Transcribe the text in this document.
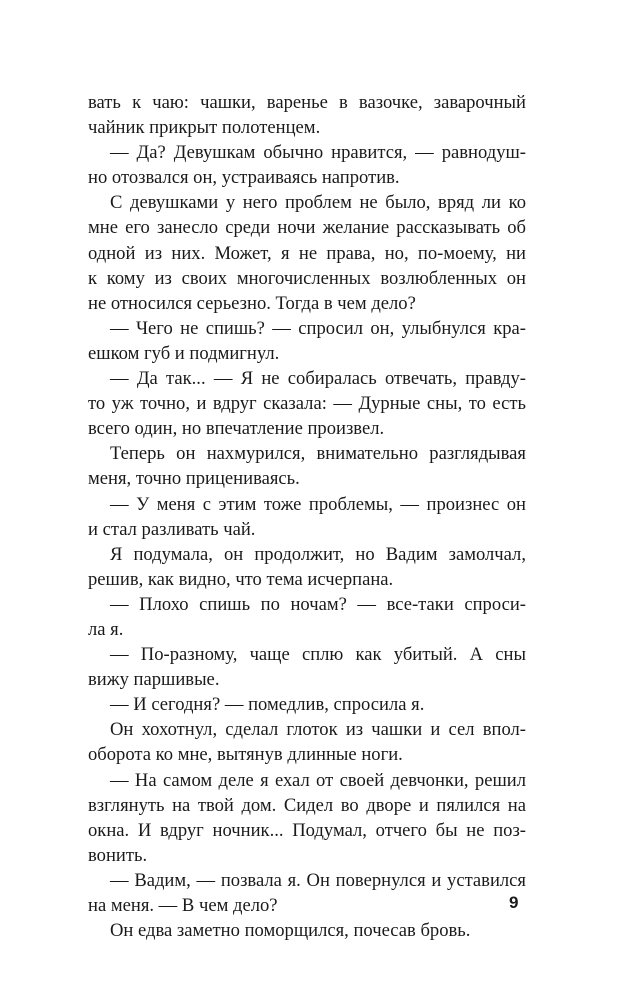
вать к чаю: чашки, варенье в вазочке, заварочный
чайник прикрыт полотенцем.
— Да? Девушкам обычно нравится, — равнодуш-
но отозвался он, устраиваясь напротив.
С девушками у него проблем не было, вряд ли ко
мне его занесло среди ночи желание рассказывать об
одной из них. Может, я не права, но, по-моему, ни
к кому из своих многочисленных возлюбленных он
не относился серьезно. Тогда в чем дело?
— Чего не спишь? — спросил он, улыбнулся кра-
ешком губ и подмигнул.
— Да так... — Я не собиралась отвечать, правду-
то уж точно, и вдруг сказала: — Дурные сны, то есть
всего один, но впечатление произвел.
Теперь он нахмурился, внимательно разглядывая
меня, точно прицениваясь.
— У меня с этим тоже проблемы, — произнес он
и стал разливать чай.
Я подумала, он продолжит, но Вадим замолчал,
решив, как видно, что тема исчерпана.
— Плохо спишь по ночам? — все-таки спроси-
ла я.
— По-разному, чаще сплю как убитый. А сны
вижу паршивые.
— И сегодня? — помедлив, спросила я.
Он хохотнул, сделал глоток из чашки и сел впол-
оборота ко мне, вытянув длинные ноги.
— На самом деле я ехал от своей девчонки, решил
взглянуть на твой дом. Сидел во дворе и пялился на
окна. И вдруг ночник... Подумал, отчего бы не поз-
вонить.
— Вадим, — позвала я. Он повернулся и уставился
на меня. — В чем дело?
Он едва заметно поморщился, почесав бровь.
9
